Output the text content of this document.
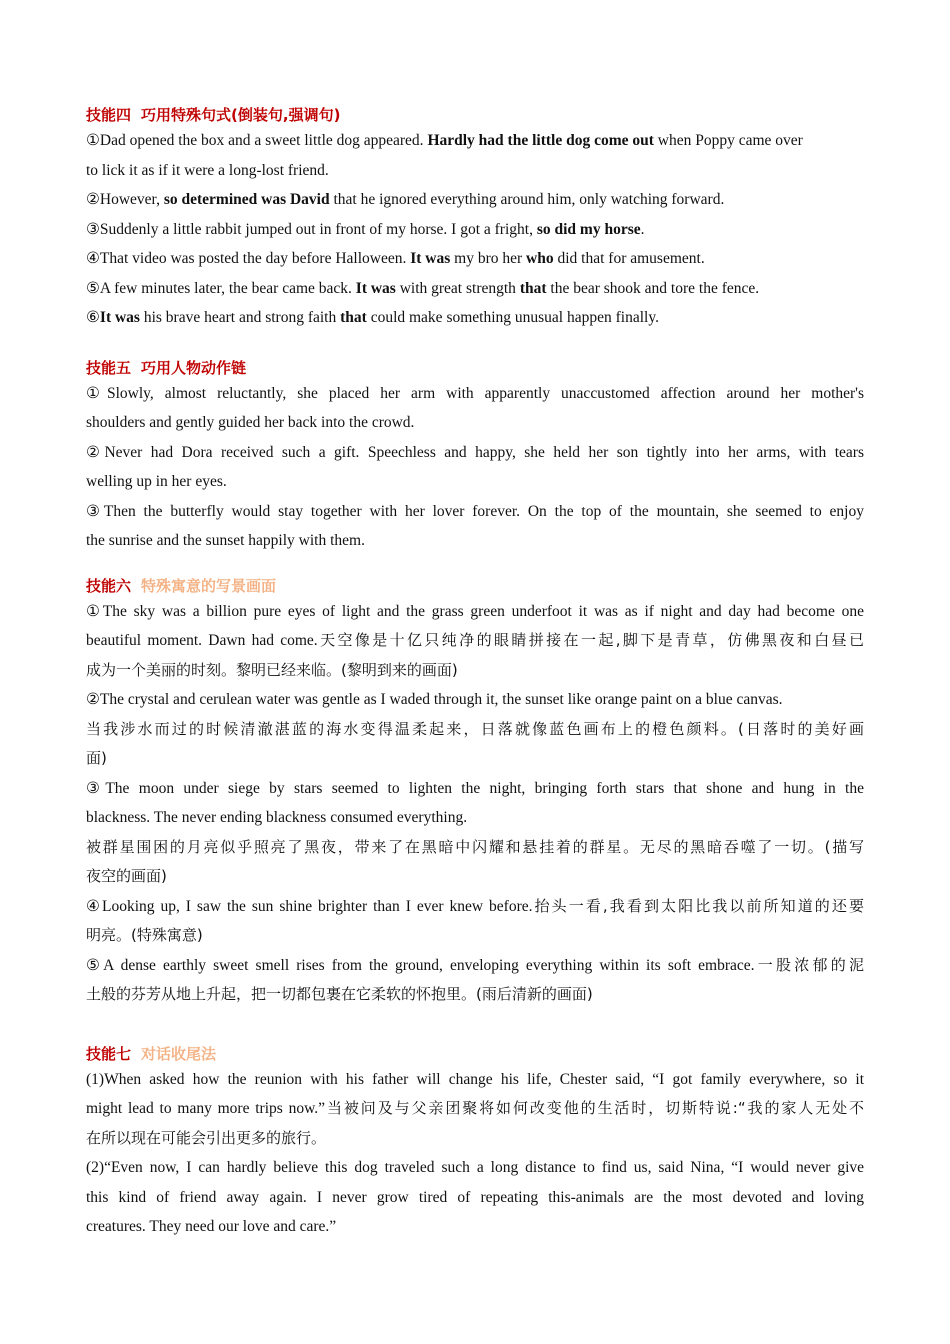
技能四 巧用特殊句式(倒装句,强调句)
①Dad opened the box and a sweet little dog appeared. Hardly had the little dog come out when Poppy came over
to lick it as if it were a long-lost friend.
②However, so determined was David that he ignored everything around him, only watching forward.
③Suddenly a little rabbit jumped out in front of my horse. I got a fright, so did my horse.
④That video was posted the day before Halloween. It was my bro her who did that for amusement.
⑤A few minutes later, the bear came back. It was with great strength that the bear shook and tore the fence.
⑥It was his brave heart and strong faith that could make something unusual happen finally.
技能五 巧用人物动作链
①Slowly, almost reluctantly, she placed her arm with apparently unaccustomed affection around her mother's
shoulders and gently guided her back into the crowd.
②Never had Dora received such a gift. Speechless and happy, she held her son tightly into her arms, with tears
welling up in her eyes.
③Then the butterfly would stay together with her lover forever. On the top of the mountain, she seemed to enjoy
the sunrise and the sunset happily with them.
技能六 特殊寓意的写景画面
①The sky was a billion pure eyes of light and the grass green underfoot it was as if night and day had become one
beautiful moment. Dawn had come.天空像是十亿只纯净的眼睛拼接在一起,脚下是青草，仿佛黑夜和白昼已
成为一个美丽的时刻。黎明已经来临。(黎明到来的画面)
②The crystal and cerulean water was gentle as I waded through it, the sunset like orange paint on a blue canvas.
当我涉水而过的时候清澈湛蓝的海水变得温柔起来，日落就像蓝色画布上的橙色颜料。(日落时的美好画
面)
③The moon under siege by stars seemed to lighten the night, bringing forth stars that shone and hung in the
blackness. The never ending blackness consumed everything.
被群星围困的月亮似乎照亮了黑夜，带来了在黑暗中闪耀和悬挂着的群星。无尽的黑暗吞噬了一切。(描写
夜空的画面)
④Looking up, I saw the sun shine brighter than I ever knew before.抬头一看,我看到太阳比我以前所知道的还要
明亮。(特殊寓意)
⑤A dense earthly sweet smell rises from the ground, enveloping everything within its soft embrace.一股浓郁的泥
土般的芬芳从地上升起，把一切都包裹在它柔软的怀抱里。(雨后清新的画面)
技能七 对话收尾法
(1)When asked how the reunion with his father will change his life, Chester said, “I got family everywhere, so it
might lead to many more trips now.”当被问及与父亲团聚将如何改变他的生活时，切斯特说:“我的家人无处不
在所以现在可能会引出更多的旅行。
(2)“Even now, I can hardly believe this dog traveled such a long distance to find us, said Nina, “I would never give
this kind of friend away again. I never grow tired of repeating this-animals are the most devoted and loving
creatures. They need our love and care.”
